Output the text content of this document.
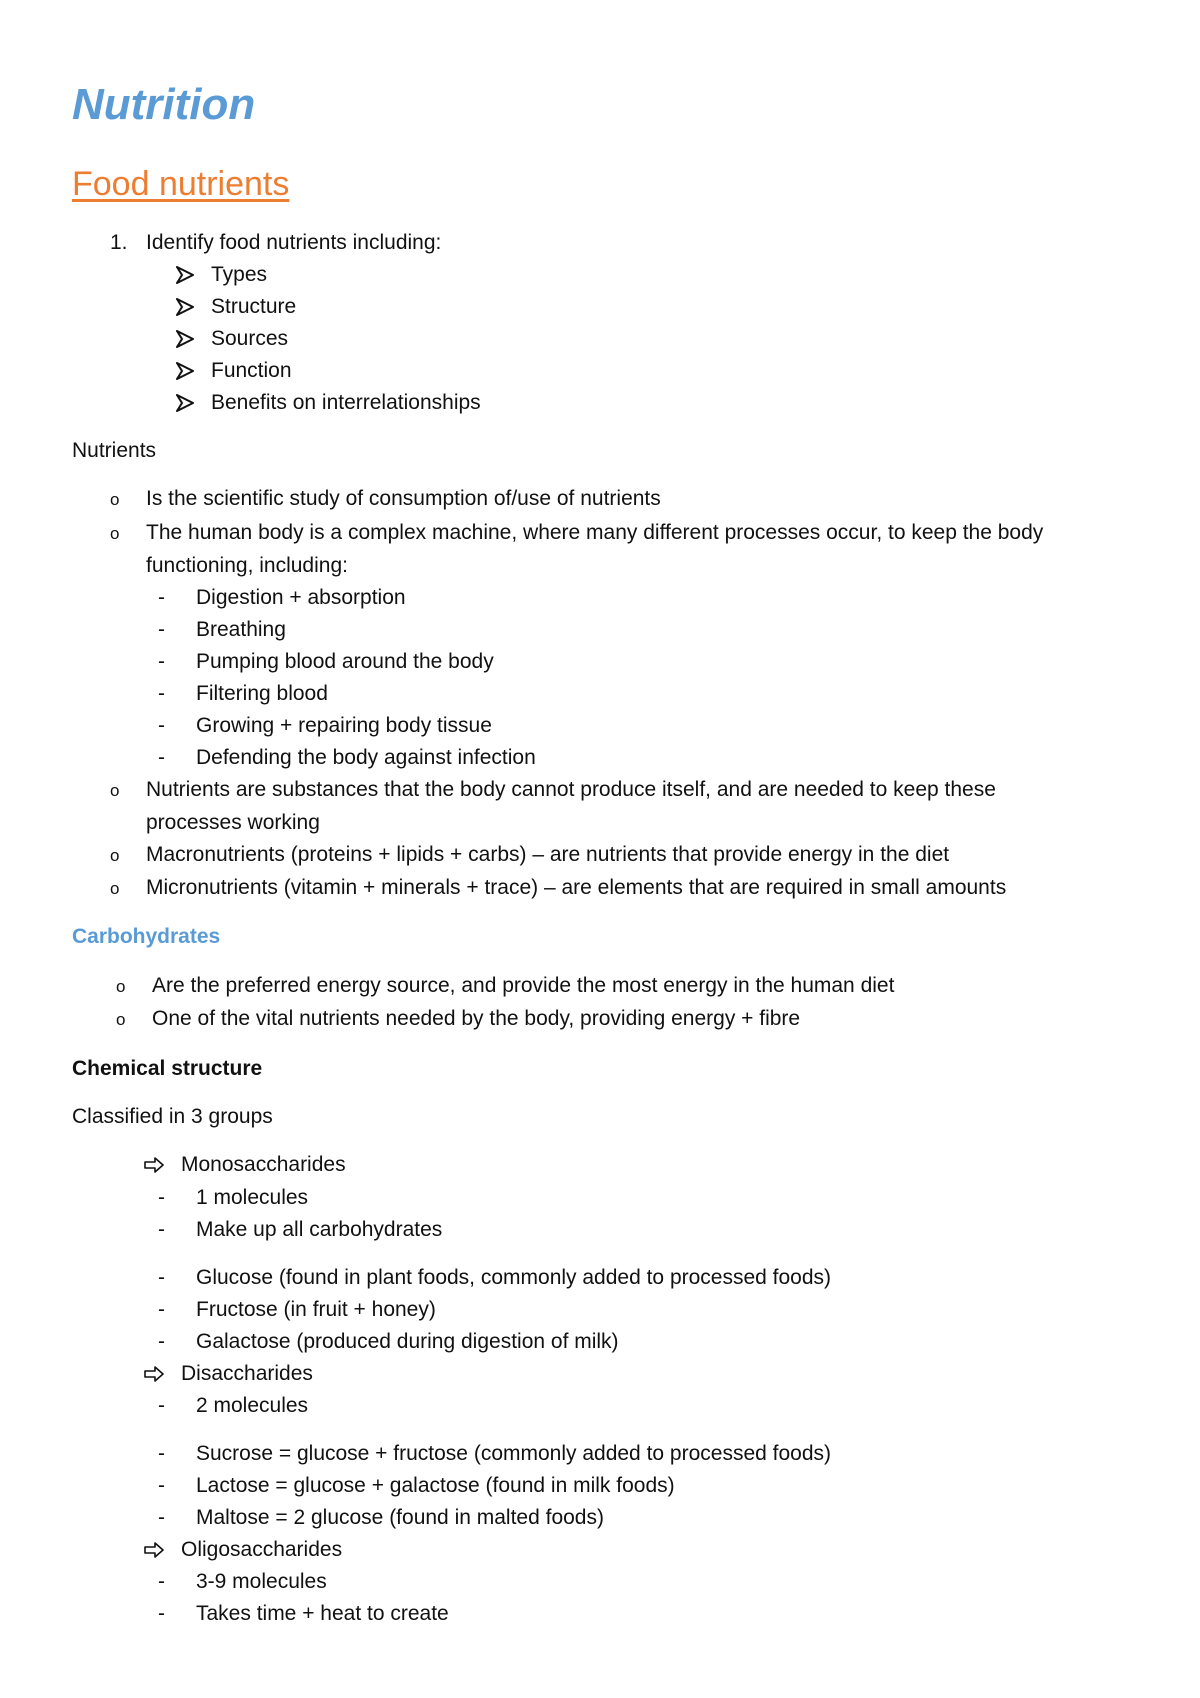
Nutrition
Food nutrients
1. Identify food nutrients including:
Types
Structure
Sources
Function
Benefits on interrelationships
Nutrients
o Is the scientific study of consumption of/use of nutrients
o The human body is a complex machine, where many different processes occur, to keep the body
functioning, including:
- Digestion + absorption
- Breathing
- Pumping blood around the body
- Filtering blood
- Growing + repairing body tissue
- Defending the body against infection
o Nutrients are substances that the body cannot produce itself, and are needed to keep these
processes working
o Macronutrients (proteins + lipids + carbs) – are nutrients that provide energy in the diet
o Micronutrients (vitamin + minerals + trace) – are elements that are required in small amounts
Carbohydrates
o Are the preferred energy source, and provide the most energy in the human diet
o One of the vital nutrients needed by the body, providing energy + fibre
Chemical structure
Classified in 3 groups
Monosaccharides
- 1 molecules
- Make up all carbohydrates
- Glucose (found in plant foods, commonly added to processed foods)
- Fructose (in fruit + honey)
- Galactose (produced during digestion of milk)
Disaccharides
- 2 molecules
- Sucrose = glucose + fructose (commonly added to processed foods)
- Lactose = glucose + galactose (found in milk foods)
- Maltose = 2 glucose (found in malted foods)
Oligosaccharides
- 3-9 molecules
- Takes time + heat to create
